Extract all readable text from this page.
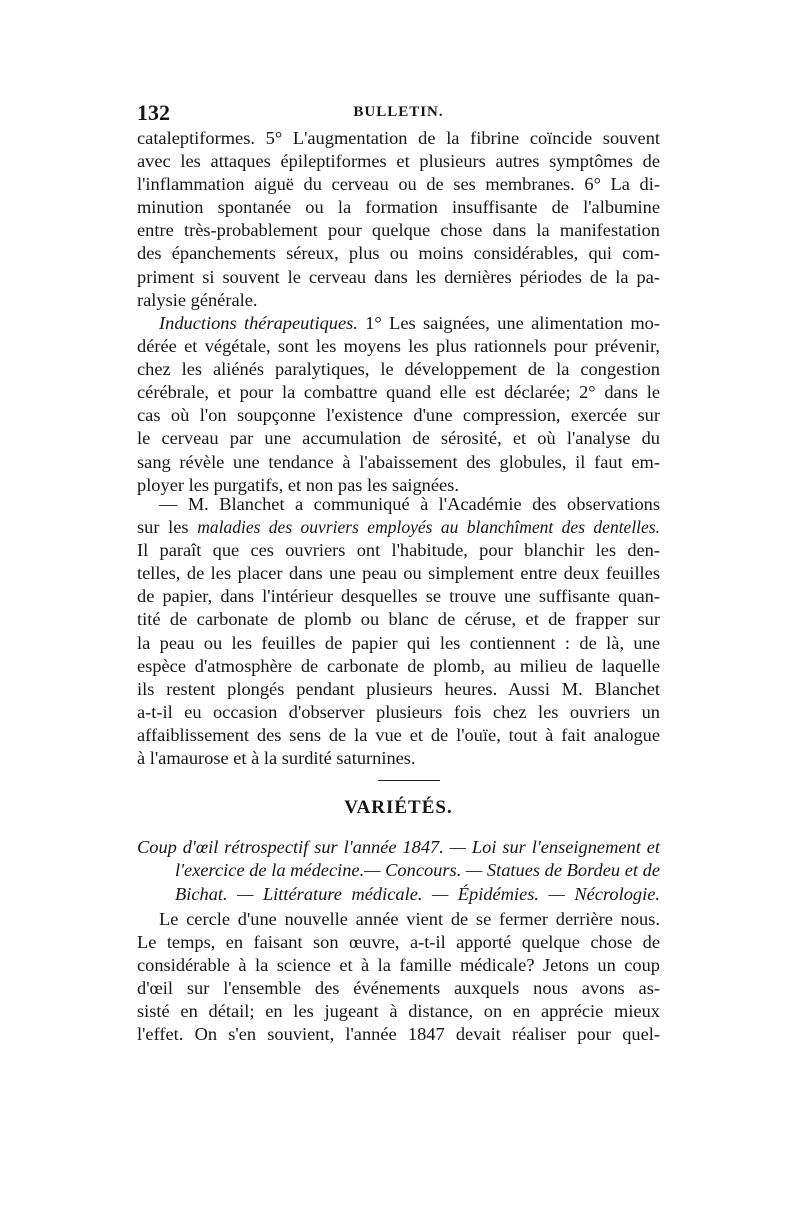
132	BULLETIN.
cataleptiformes. 5° L'augmentation de la fibrine coïncide souvent
avec les attaques épileptiformes et plusieurs autres symptômes de
l'inflammation aiguë du cerveau ou de ses membranes. 6° La di-
minution spontanée ou la formation insuffisante de l'albumine
entre très-probablement pour quelque chose dans la manifestation
des épanchements séreux, plus ou moins considérables, qui com-
priment si souvent le cerveau dans les dernières périodes de la pa-
ralysie générale.
Inductions thérapeutiques. 1° Les saignées, une alimentation mo-
dérée et végétale, sont les moyens les plus rationnels pour prévenir,
chez les aliénés paralytiques, le développement de la congestion
cérébrale, et pour la combattre quand elle est déclarée; 2° dans le
cas où l'on soupçonne l'existence d'une compression, exercée sur
le cerveau par une accumulation de sérosité, et où l'analyse du
sang révèle une tendance à l'abaissement des globules, il faut em-
ployer les purgatifs, et non pas les saignées.
— M. Blanchet a communiqué à l'Académie des observations
sur les maladies des ouvriers employés au blanchîment des dentelles.
Il paraît que ces ouvriers ont l'habitude, pour blanchir les den-
telles, de les placer dans une peau ou simplement entre deux feuilles
de papier, dans l'intérieur desquelles se trouve une suffisante quan-
tité de carbonate de plomb ou blanc de céruse, et de frapper sur
la peau ou les feuilles de papier qui les contiennent : de là, une
espèce d'atmosphère de carbonate de plomb, au milieu de laquelle
ils restent plongés pendant plusieurs heures. Aussi M. Blanchet
a-t-il eu occasion d'observer plusieurs fois chez les ouvriers un
affaiblissement des sens de la vue et de l'ouïe, tout à fait analogue
à l'amaurose et à la surdité saturnines.
VARIÉTÉS.
Coup d'œil rétrospectif sur l'année 1847. — Loi sur l'enseignement et
l'exercice de la médecine.— Concours. — Statues de Bordeu et de
Bichat. — Littérature médicale. — Épidémies. — Nécrologie.
Le cercle d'une nouvelle année vient de se fermer derrière nous.
Le temps, en faisant son œuvre, a-t-il apporté quelque chose de
considérable à la science et à la famille médicale? Jetons un coup
d'œil sur l'ensemble des événements auxquels nous avons as-
sisté en détail; en les jugeant à distance, on en apprécie mieux
l'effet. On s'en souvient, l'année 1847 devait réaliser pour quel-
